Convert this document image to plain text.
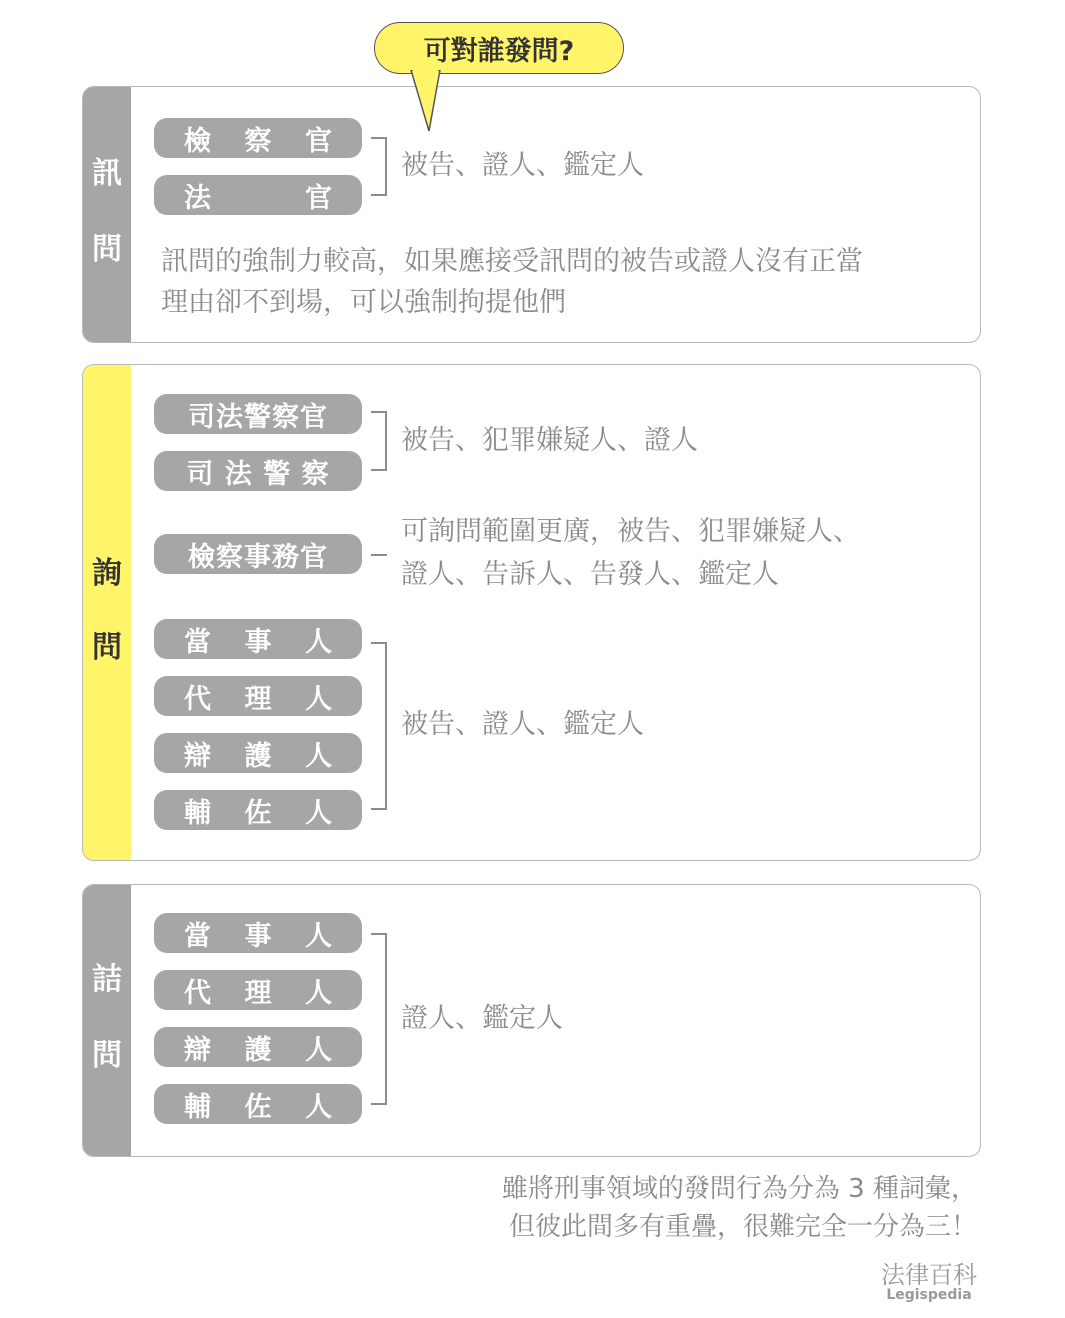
可對誰發問?
訊
問
檢 察 官
法	官
被告、證人、鑑定人
訊問的強制力較高，如果應接受訊問的被告或證人沒有正當
理由卻不到場，可以強制拘提他們
詢
問
司法警察官
司 法 警 察
被告、犯罪嫌疑人、證人
檢察事務官
可詢問範圍更廣，被告、犯罪嫌疑人、
證人、告訴人、告發人、鑑定人
當 事 人
代 理 人
辯 護 人
輔 佐 人
被告、證人、鑑定人
詰
問
當 事 人
代 理 人
辯 護 人
輔 佐 人
證人、鑑定人
雖將刑事領域的發問行為分為 3 種詞彙，
但彼此間多有重疊，很難完全一分為三！
法律百科
Legispedia
